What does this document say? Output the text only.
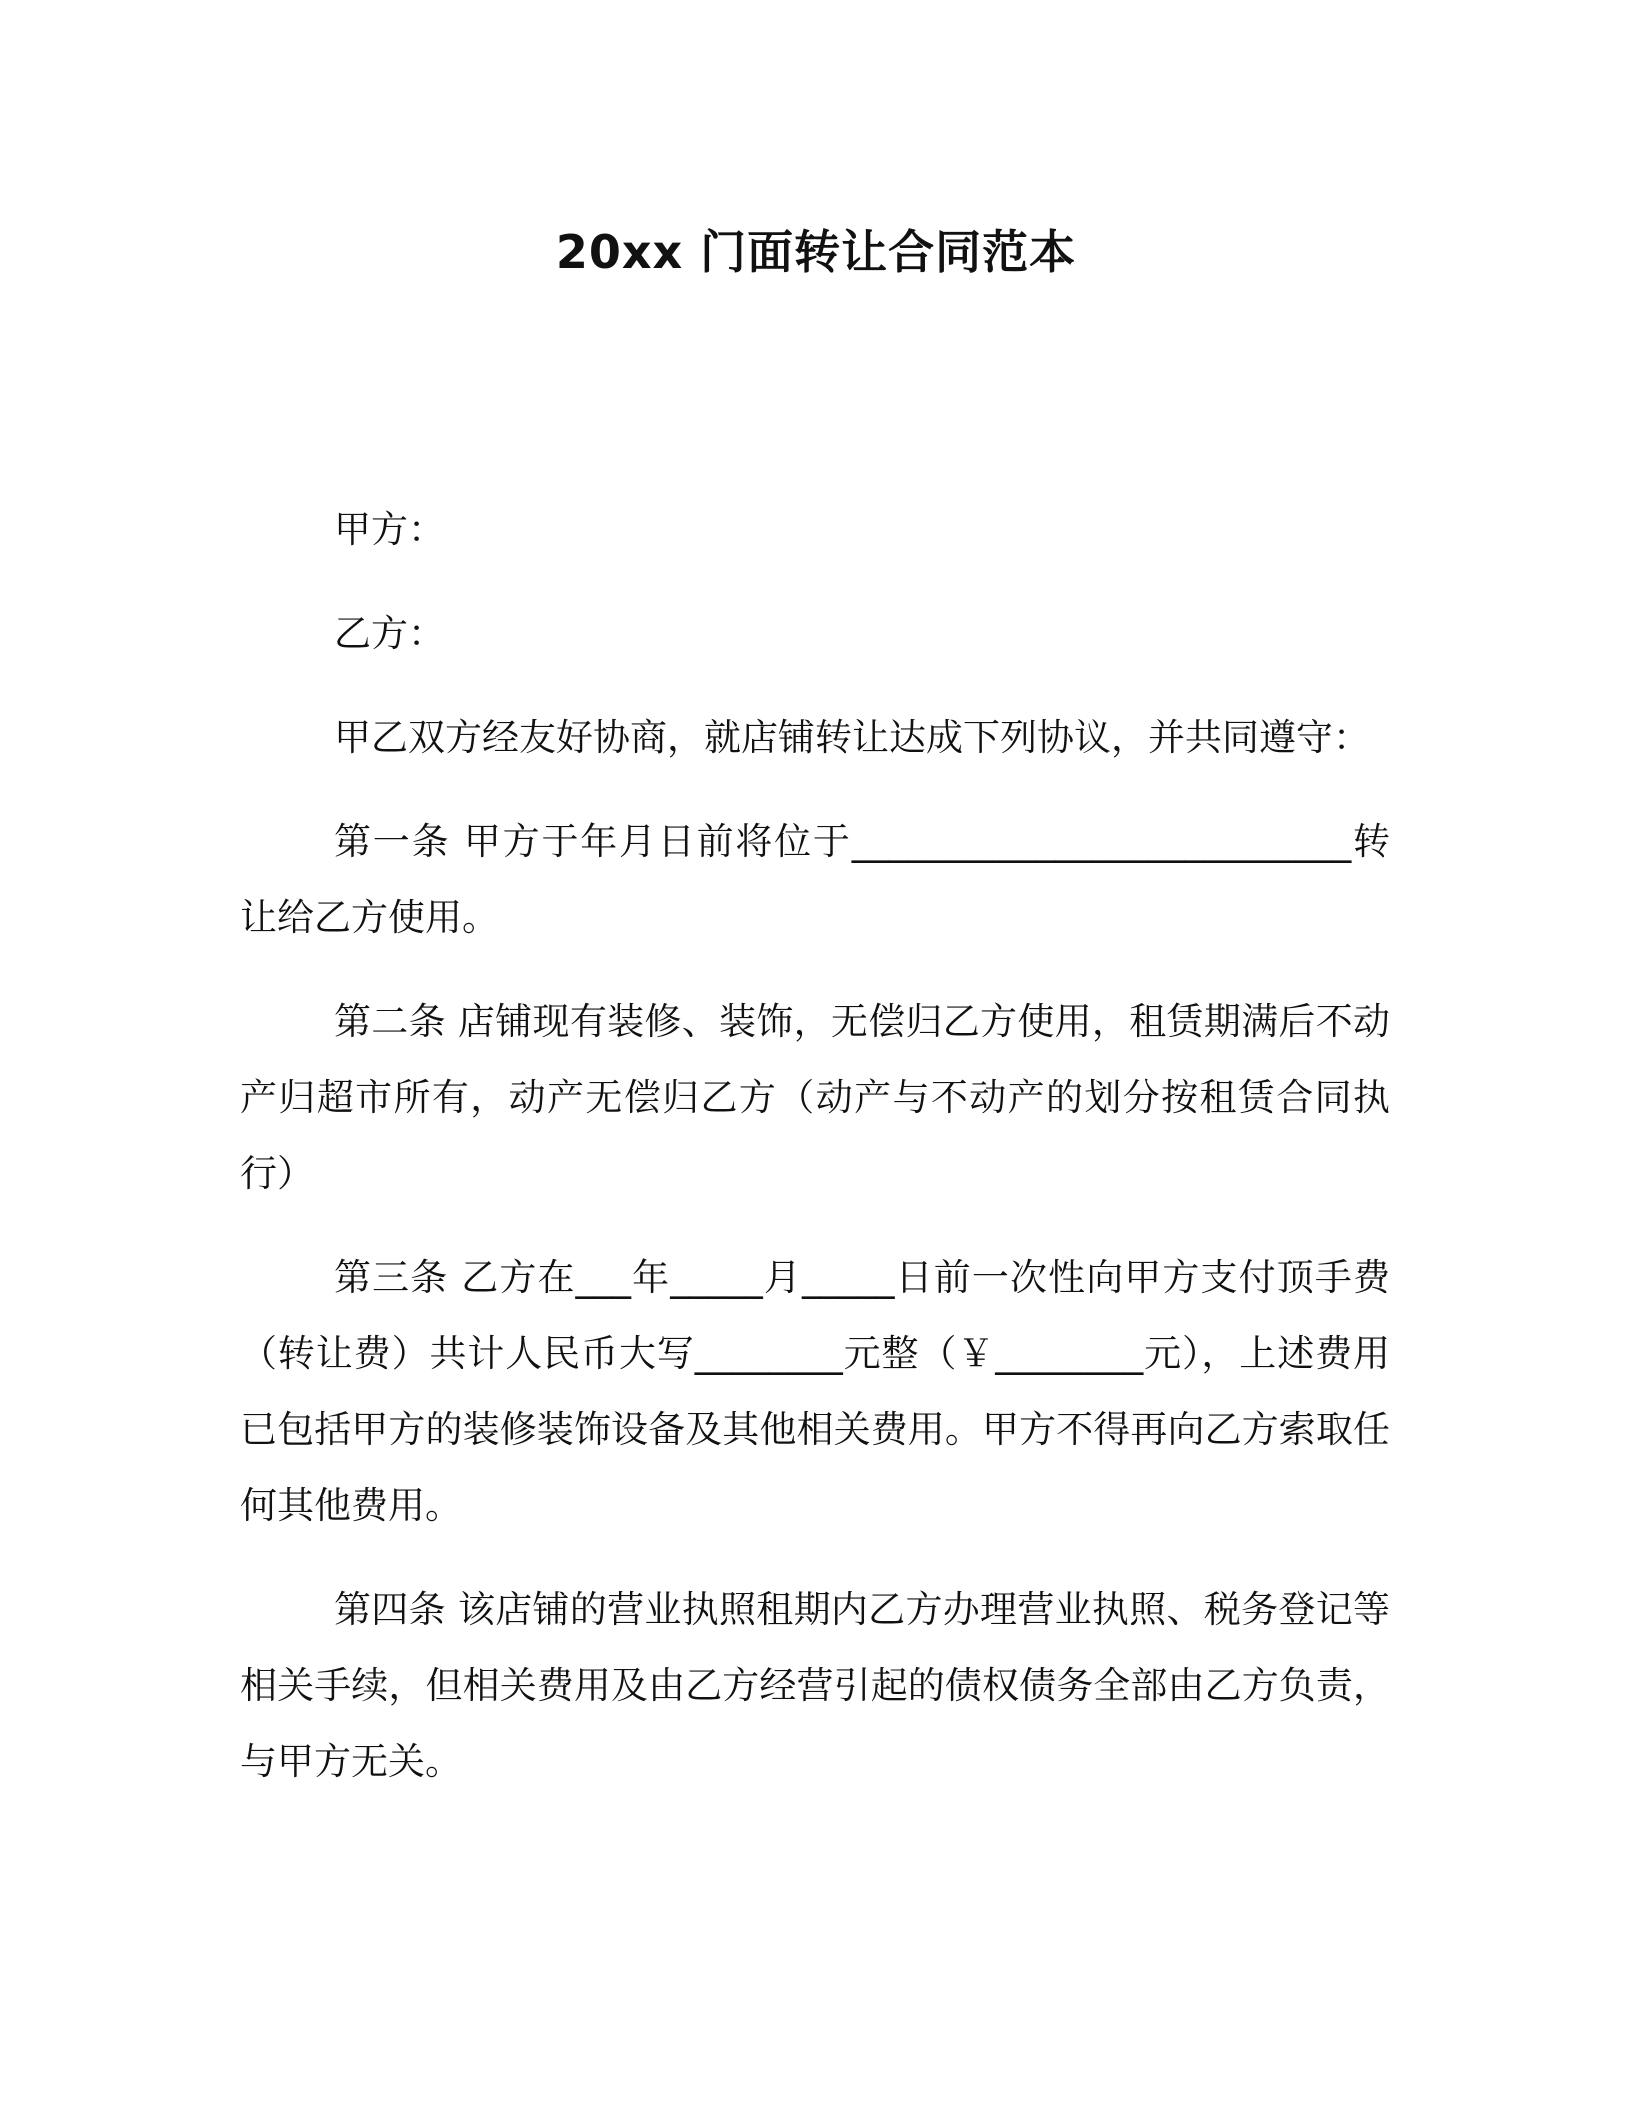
20xx 门面转让合同范本

甲方：

乙方：

甲乙双方经友好协商，就店铺转让达成下列协议，并共同遵守：

第一条 甲方于年月日前将位于___________________________转让给乙方使用。

第二条 店铺现有装修、装饰，无偿归乙方使用，租赁期满后不动产归超市所有，动产无偿归乙方（动产与不动产的划分按租赁合同执行）

第三条 乙方在___年_____月_____日前一次性向甲方支付顶手费（转让费）共计人民币大写________元整（￥________元），上述费用已包括甲方的装修装饰设备及其他相关费用。甲方不得再向乙方索取任何其他费用。

第四条 该店铺的营业执照租期内乙方办理营业执照、税务登记等相关手续，但相关费用及由乙方经营引起的债权债务全部由乙方负责，与甲方无关。
